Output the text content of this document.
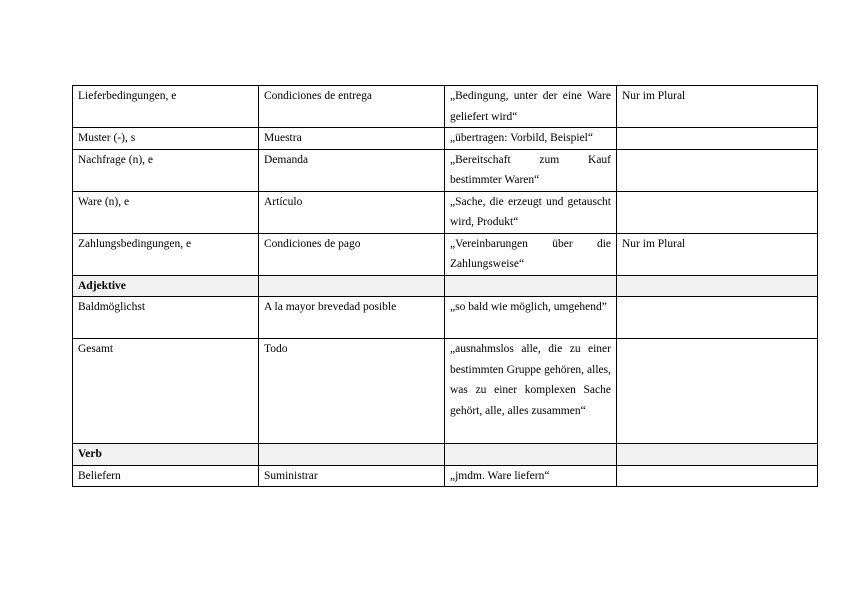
Lieferbedingungen, e	Condiciones de entrega	„Bedingung, unter der eine Ware geliefert wird“	Nur im Plural
Muster (-), s	Muestra	„übertragen: Vorbild, Beispiel“	
Nachfrage (n), e	Demanda	„Bereitschaft zum Kauf bestimmter Waren“	
Ware (n), e	Artículo	„Sache, die erzeugt und getauscht wird, Produkt“	
Zahlungsbedingungen, e	Condiciones de pago	„Vereinbarungen über die Zahlungsweise“	Nur im Plural
Adjektive			
Baldmöglichst	A la mayor brevedad posible	„so bald wie möglich, umgehend”	
Gesamt	Todo	„ausnahmslos alle, die zu einer bestimmten Gruppe gehören, alles, was zu einer komplexen Sache gehört, alle, alles zusammen“	
Verb			
Beliefern	Suministrar	„jmdm. Ware liefern“	
